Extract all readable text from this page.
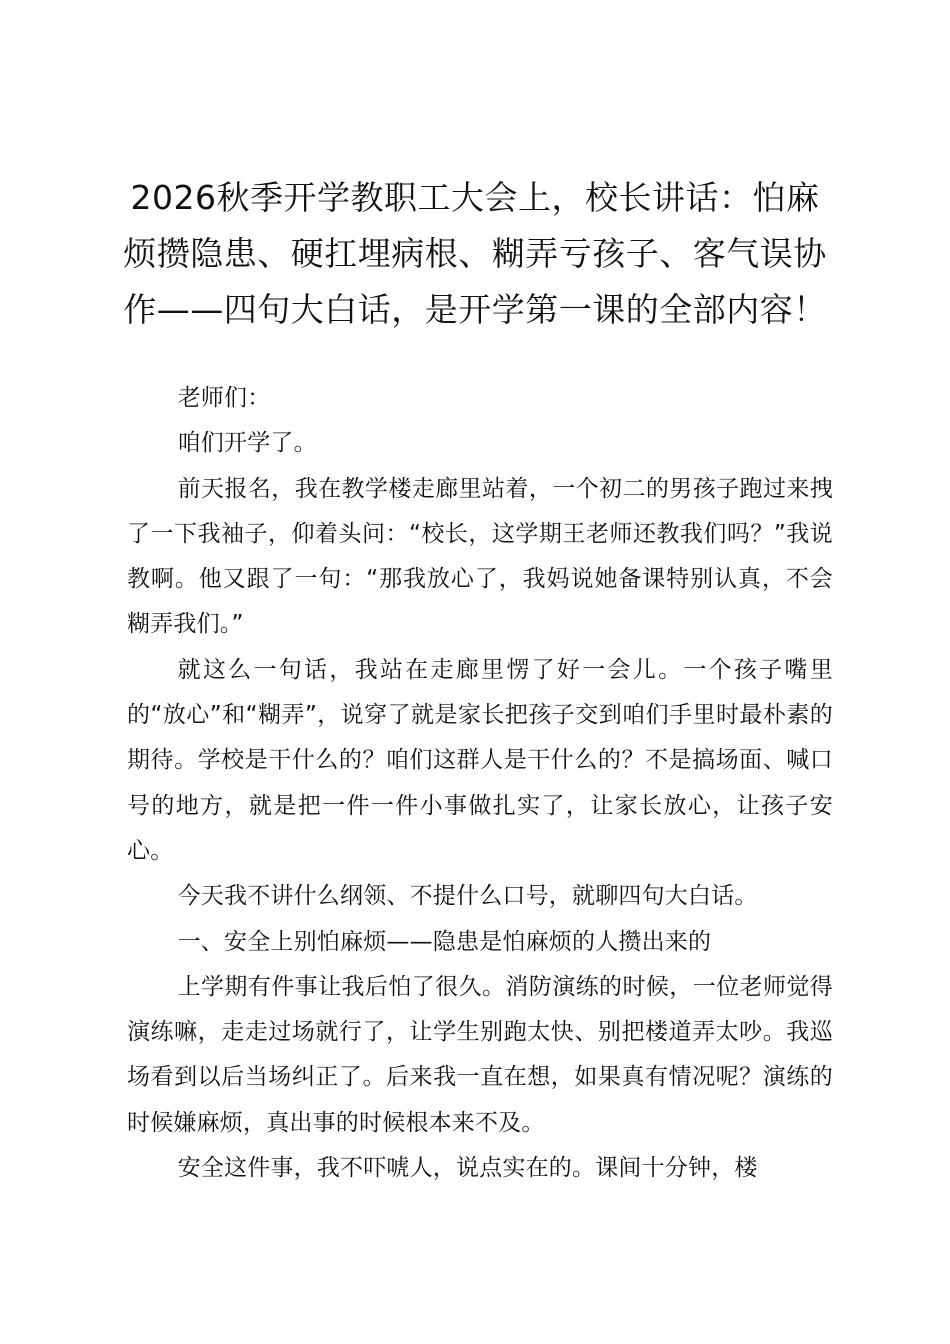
2026秋季开学教职工大会上，校长讲话：怕麻烦攒隐患、硬扛埋病根、糊弄亏孩子、客气误协作——四句大白话，是开学第一课的全部内容！

老师们：

咱们开学了。

前天报名，我在教学楼走廊里站着，一个初二的男孩子跑过来拽了一下我袖子，仰着头问：“校长，这学期王老师还教我们吗？”我说教啊。他又跟了一句：“那我放心了，我妈说她备课特别认真，不会糊弄我们。”

就这么一句话，我站在走廊里愣了好一会儿。一个孩子嘴里的“放心”和“糊弄”，说穿了就是家长把孩子交到咱们手里时最朴素的期待。学校是干什么的？咱们这群人是干什么的？不是搞场面、喊口号的地方，就是把一件一件小事做扎实了，让家长放心，让孩子安心。

今天我不讲什么纲领、不提什么口号，就聊四句大白话。

一、安全上别怕麻烦——隐患是怕麻烦的人攒出来的

上学期有件事让我后怕了很久。消防演练的时候，一位老师觉得演练嘛，走走过场就行了，让学生别跑太快、别把楼道弄太吵。我巡场看到以后当场纠正了。后来我一直在想，如果真有情况呢？演练的时候嫌麻烦，真出事的时候根本来不及。

安全这件事，我不吓唬人，说点实在的。课间十分钟，楼
